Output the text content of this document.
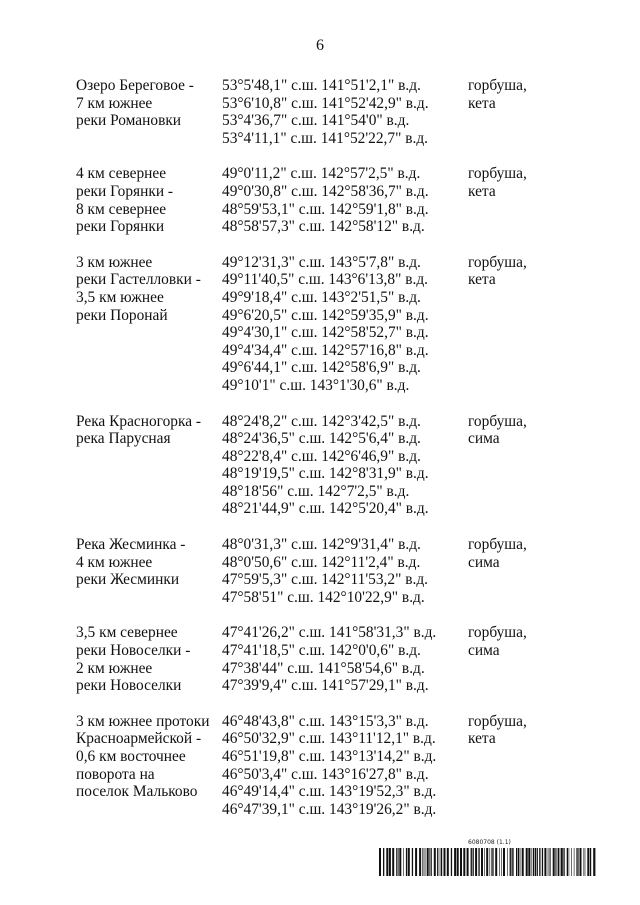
6
Озеро Береговое -
7 км южнее
реки Романовки
53°5'48,1" с.ш. 141°51'2,1" в.д.
53°6'10,8" с.ш. 141°52'42,9" в.д.
53°4'36,7" с.ш. 141°54'0" в.д.
53°4'11,1" с.ш. 141°52'22,7" в.д.
горбуша,
кета
4 км севернее
реки Горянки -
8 км севернее
реки Горянки
49°0'11,2" с.ш. 142°57'2,5" в.д.
49°0'30,8" с.ш. 142°58'36,7" в.д.
48°59'53,1" с.ш. 142°59'1,8" в.д.
48°58'57,3" с.ш. 142°58'12" в.д.
горбуша,
кета
3 км южнее
реки Гастелловки -
3,5 км южнее
реки Поронай
49°12'31,3" с.ш. 143°5'7,8" в.д.
49°11'40,5" с.ш. 143°6'13,8" в.д.
49°9'18,4" с.ш. 143°2'51,5" в.д.
49°6'20,5" с.ш. 142°59'35,9" в.д.
49°4'30,1" с.ш. 142°58'52,7" в.д.
49°4'34,4" с.ш. 142°57'16,8" в.д.
49°6'44,1" с.ш. 142°58'6,9" в.д.
49°10'1" с.ш. 143°1'30,6" в.д.
горбуша,
кета
Река Красногорка -
река Парусная
48°24'8,2" с.ш. 142°3'42,5" в.д.
48°24'36,5" с.ш. 142°5'6,4" в.д.
48°22'8,4" с.ш. 142°6'46,9" в.д.
48°19'19,5" с.ш. 142°8'31,9" в.д.
48°18'56" с.ш. 142°7'2,5" в.д.
48°21'44,9" с.ш. 142°5'20,4" в.д.
горбуша,
сима
Река Жесминка -
4 км южнее
реки Жесминки
48°0'31,3" с.ш. 142°9'31,4" в.д.
48°0'50,6" с.ш. 142°11'2,4" в.д.
47°59'5,3" с.ш. 142°11'53,2" в.д.
47°58'51" с.ш. 142°10'22,9" в.д.
горбуша,
сима
3,5 км севернее
реки Новоселки -
2 км южнее
реки Новоселки
47°41'26,2" с.ш. 141°58'31,3" в.д.
47°41'18,5" с.ш. 142°0'0,6" в.д.
47°38'44" с.ш. 141°58'54,6" в.д.
47°39'9,4" с.ш. 141°57'29,1" в.д.
горбуша,
сима
3 км южнее протоки
Красноармейской -
0,6 км восточнее
поворота на
поселок Мальково
46°48'43,8" с.ш. 143°15'3,3" в.д.
46°50'32,9" с.ш. 143°11'12,1" в.д.
46°51'19,8" с.ш. 143°13'14,2" в.д.
46°50'3,4" с.ш. 143°16'27,8" в.д.
46°49'14,4" с.ш. 143°19'52,3" в.д.
46°47'39,1" с.ш. 143°19'26,2" в.д.
горбуша,
кета
6080708 (1.1)
